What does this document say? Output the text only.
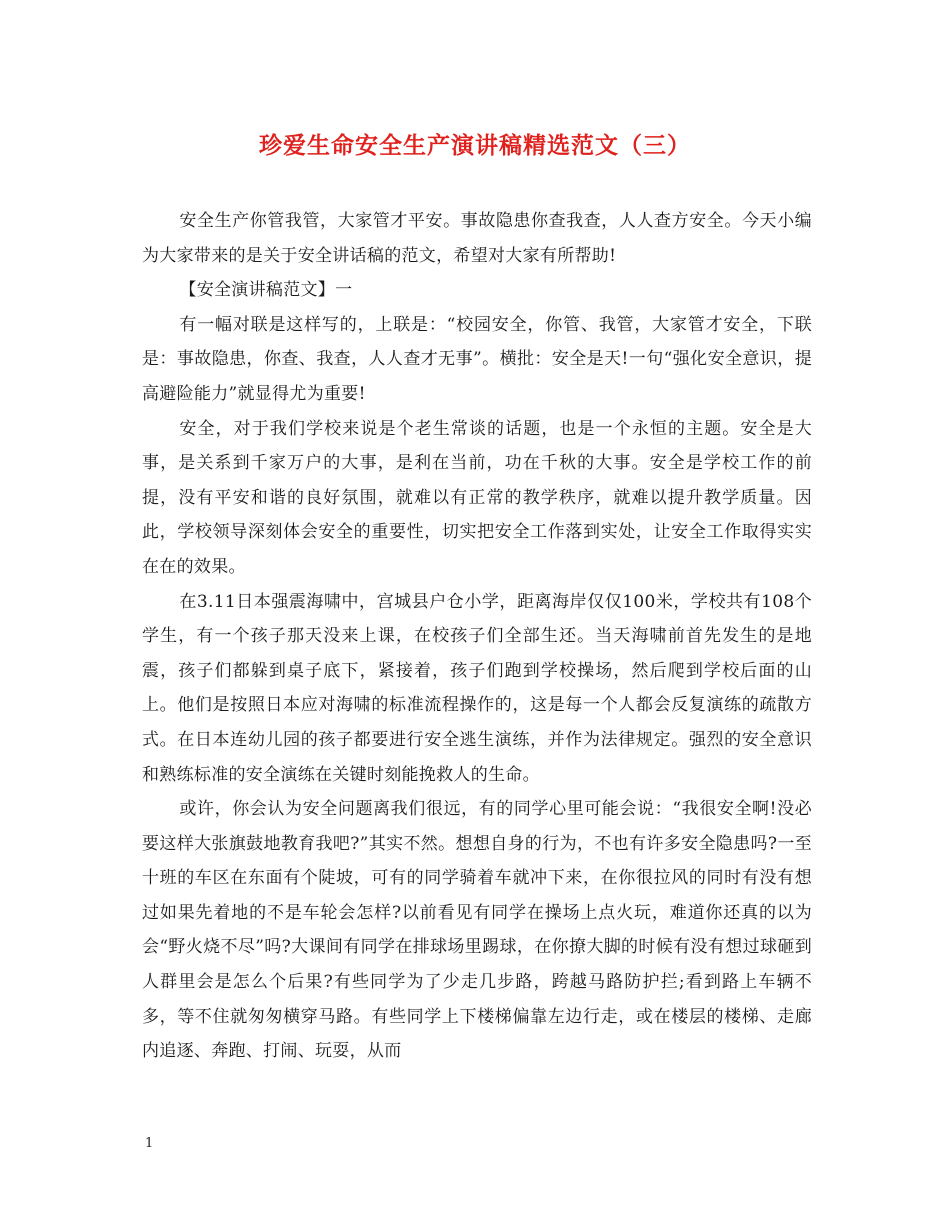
珍爱生命安全生产演讲稿精选范文（三）

安全生产你管我管，大家管才平安。事故隐患你查我查，人人查方安全。今天小编为大家带来的是关于安全讲话稿的范文，希望对大家有所帮助!

【安全演讲稿范文】一

有一幅对联是这样写的，上联是：“校园安全，你管、我管，大家管才安全，下联是：事故隐患，你查、我查，人人查才无事”。横批：安全是天!一句“强化安全意识，提高避险能力”就显得尤为重要!

安全，对于我们学校来说是个老生常谈的话题，也是一个永恒的主题。安全是大事，是关系到千家万户的大事，是利在当前，功在千秋的大事。安全是学校工作的前提，没有平安和谐的良好氛围，就难以有正常的教学秩序，就难以提升教学质量。因此，学校领导深刻体会安全的重要性，切实把安全工作落到实处，让安全工作取得实实在在的效果。

在3.11日本强震海啸中，宫城县户仓小学，距离海岸仅仅100米，学校共有108个学生，有一个孩子那天没来上课，在校孩子们全部生还。当天海啸前首先发生的是地震，孩子们都躲到桌子底下，紧接着，孩子们跑到学校操场，然后爬到学校后面的山上。他们是按照日本应对海啸的标准流程操作的，这是每一个人都会反复演练的疏散方式。在日本连幼儿园的孩子都要进行安全逃生演练，并作为法律规定。强烈的安全意识和熟练标准的安全演练在关键时刻能挽救人的生命。

或许，你会认为安全问题离我们很远，有的同学心里可能会说：“我很安全啊!没必要这样大张旗鼓地教育我吧?”其实不然。想想自身的行为，不也有许多安全隐患吗?一至十班的车区在东面有个陡坡，可有的同学骑着车就冲下来，在你很拉风的同时有没有想过如果先着地的不是车轮会怎样?以前看见有同学在操场上点火玩，难道你还真的以为会“野火烧不尽”吗?大课间有同学在排球场里踢球，在你撩大脚的时候有没有想过球砸到人群里会是怎么个后果?有些同学为了少走几步路，跨越马路防护拦;看到路上车辆不多，等不住就匆匆横穿马路。有些同学上下楼梯偏靠左边行走，或在楼层的楼梯、走廊内追逐、奔跑、打闹、玩耍，从而

1
